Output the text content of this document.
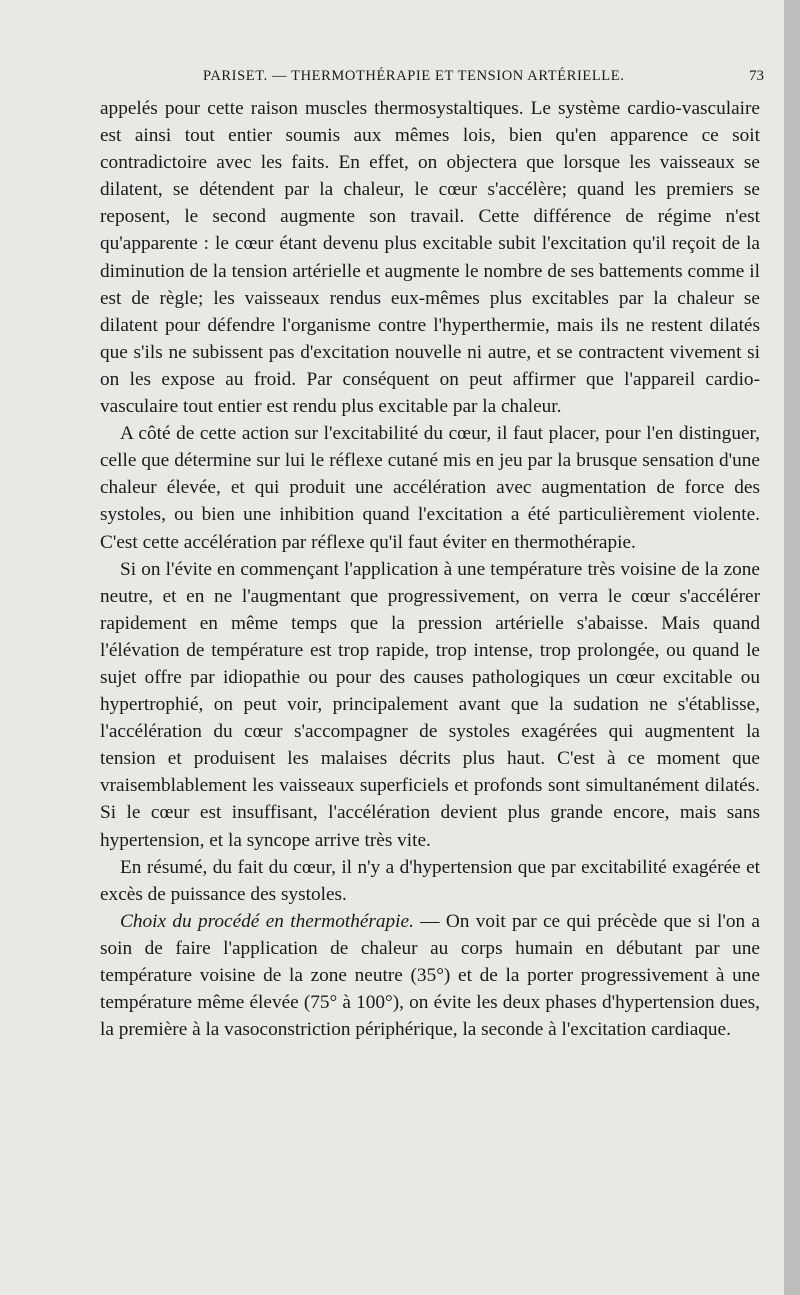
PARISET. — THERMOTHÉRAPIE ET TENSION ARTÉRIELLE.	73

appelés pour cette raison muscles thermosystaltiques. Le système cardio-vasculaire est ainsi tout entier soumis aux mêmes lois, bien qu'en apparence ce soit contradictoire avec les faits. En effet, on objectera que lorsque les vaisseaux se dilatent, se détendent par la chaleur, le cœur s'accélère; quand les premiers se reposent, le second augmente son travail. Cette différence de régime n'est qu'apparente : le cœur étant devenu plus excitable subit l'excitation qu'il reçoit de la diminution de la tension artérielle et augmente le nombre de ses battements comme il est de règle; les vaisseaux rendus eux-mêmes plus excitables par la chaleur se dilatent pour défendre l'organisme contre l'hyperthermie, mais ils ne restent dilatés que s'ils ne subissent pas d'excitation nouvelle ni autre, et se contractent vivement si on les expose au froid. Par conséquent on peut affirmer que l'appareil cardio-vasculaire tout entier est rendu plus excitable par la chaleur.

A côté de cette action sur l'excitabilité du cœur, il faut placer, pour l'en distinguer, celle que détermine sur lui le réflexe cutané mis en jeu par la brusque sensation d'une chaleur élevée, et qui produit une accélération avec augmentation de force des systoles, ou bien une inhibition quand l'excitation a été particulièrement violente. C'est cette accélération par réflexe qu'il faut éviter en thermothérapie.

Si on l'évite en commençant l'application à une température très voisine de la zone neutre, et en ne l'augmentant que progressivement, on verra le cœur s'accélérer rapidement en même temps que la pression artérielle s'abaisse. Mais quand l'élévation de température est trop rapide, trop intense, trop prolongée, ou quand le sujet offre par idiopathie ou pour des causes pathologiques un cœur excitable ou hypertrophié, on peut voir, principalement avant que la sudation ne s'établisse, l'accélération du cœur s'accompagner de systoles exagérées qui augmentent la tension et produisent les malaises décrits plus haut. C'est à ce moment que vraisemblablement les vaisseaux superficiels et profonds sont simultanément dilatés. Si le cœur est insuffisant, l'accélération devient plus grande encore, mais sans hypertension, et la syncope arrive très vite.

En résumé, du fait du cœur, il n'y a d'hypertension que par excitabilité exagérée et excès de puissance des systoles.

Choix du procédé en thermothérapie. — On voit par ce qui précède que si l'on a soin de faire l'application de chaleur au corps humain en débutant par une température voisine de la zone neutre (35°) et de la porter progressivement à une température même élevée (75° à 100°), on évite les deux phases d'hypertension dues, la première à la vasoconstriction périphérique, la seconde à l'excitation cardiaque.
